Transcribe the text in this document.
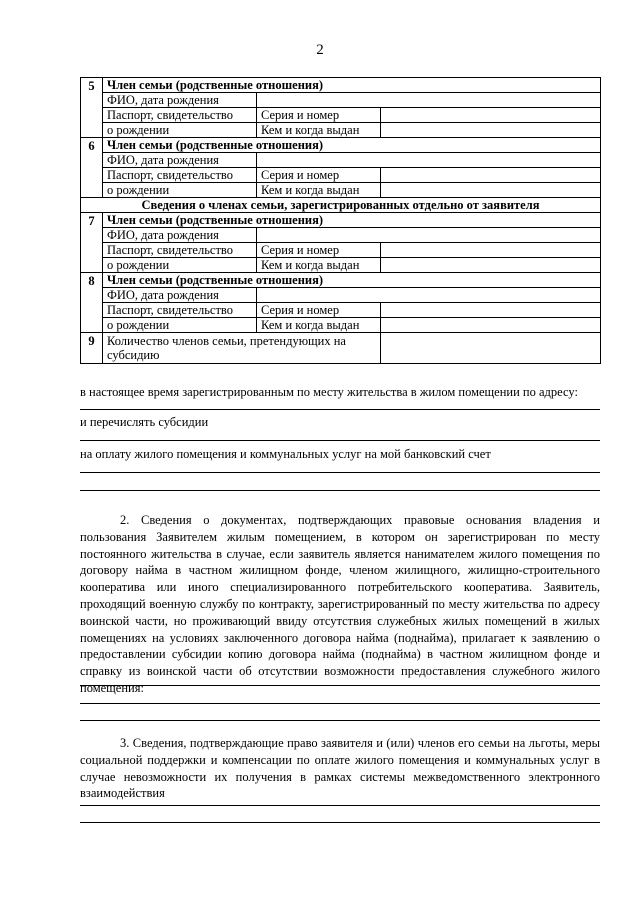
2
5	Член семьи (родственные отношения)		
	ФИО, дата рождения		
	Паспорт, свидетельство	Серия и номер	
	о рождении	Кем и когда выдан	
6	Член семьи (родственные отношения)		
	ФИО, дата рождения		
	Паспорт, свидетельство	Серия и номер	
	о рождении	Кем и когда выдан	
Сведения о членах семьи, зарегистрированных отдельно от заявителя			
7	Член семьи (родственные отношения)		
	ФИО, дата рождения		
	Паспорт, свидетельство	Серия и номер	
	о рождении	Кем и когда выдан	
8	Член семьи (родственные отношения)		
	ФИО, дата рождения		
	Паспорт, свидетельство	Серия и номер	
	о рождении	Кем и когда выдан	
9	Количество членов семьи, претендующих на субсидию		
в настоящее время зарегистрированным по месту жительства в жилом помещении по адресу:
и перечислять субсидии
на оплату жилого помещения и коммунальных услуг на мой банковский счет

2. Сведения о документах, подтверждающих правовые основания владения и пользования Заявителем жилым помещением, в котором он зарегистрирован по месту постоянного жительства в случае, если заявитель является нанимателем жилого помещения по договору найма в частном жилищном фонде, членом жилищного, жилищно-строительного кооператива или иного специализированного потребительского кооператива. Заявитель, проходящий военную службу по контракту, зарегистрированный по месту жительства по адресу воинской части, но проживающий ввиду отсутствия служебных жилых помещений в жилых помещениях на условиях заключенного договора найма (поднайма), прилагает к заявлению о предоставлении субсидии копию договора найма (поднайма) в частном жилищном фонде и справку из воинской части об отсутствии возможности предоставления служебного жилого помещения:

3. Сведения, подтверждающие право заявителя и (или) членов его семьи на льготы, меры социальной поддержки и компенсации по оплате жилого помещения и коммунальных услуг в случае невозможности их получения в рамках системы межведомственного электронного взаимодействия
